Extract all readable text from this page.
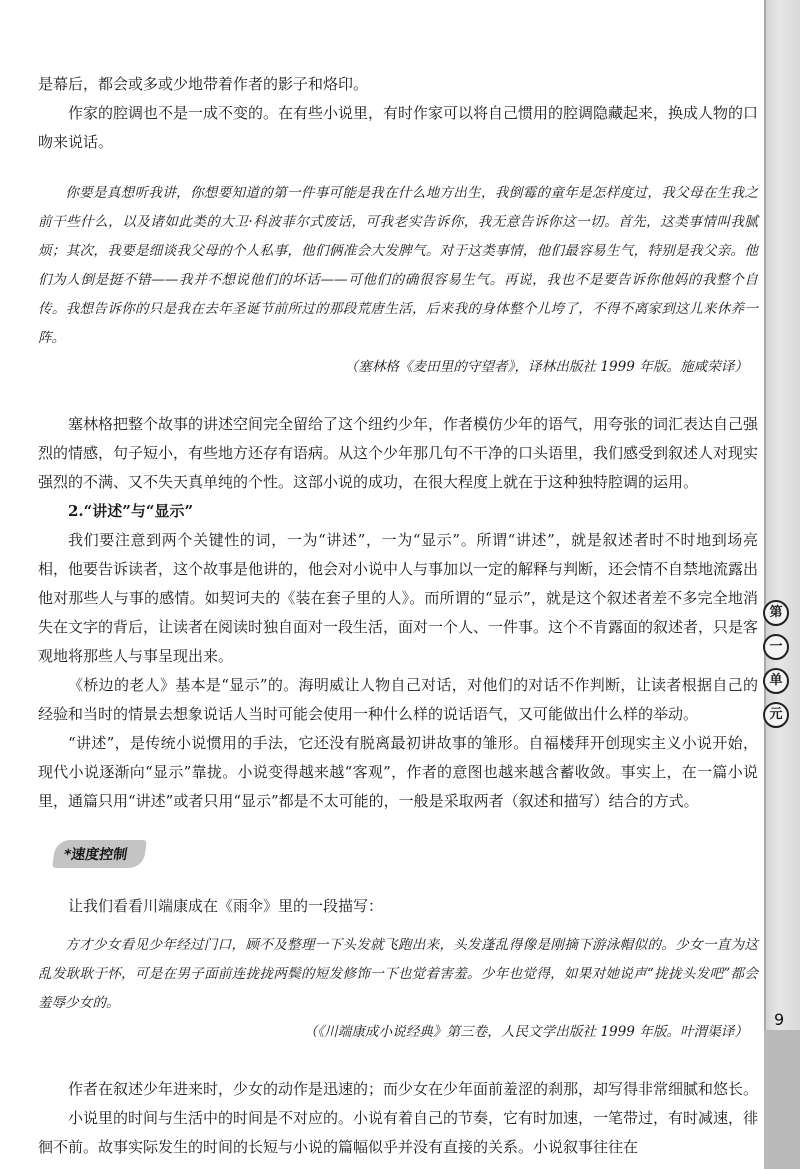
第
一
单
元
9

是幕后，都会或多或少地带着作者的影子和烙印。

作家的腔调也不是一成不变的。在有些小说里，有时作家可以将自己惯用的腔调隐藏起来，换成人物的口吻来说话。

你要是真想听我讲，你想要知道的第一件事可能是我在什么地方出生，我倒霉的童年是怎样度过，我父母在生我之前干些什么，以及诸如此类的大卫·科波菲尔式废话，可我老实告诉你，我无意告诉你这一切。首先，这类事情叫我腻烦；其次，我要是细谈我父母的个人私事，他们俩准会大发脾气。对于这类事情，他们最容易生气，特别是我父亲。他们为人倒是挺不错——我并不想说他们的坏话——可他们的确很容易生气。再说，我也不是要告诉你他妈的我整个自传。我想告诉你的只是我在去年圣诞节前所过的那段荒唐生活，后来我的身体整个儿垮了，不得不离家到这儿来休养一阵。

（塞林格《麦田里的守望者》，译林出版社 1999 年版。施咸荣译）

塞林格把整个故事的讲述空间完全留给了这个纽约少年，作者模仿少年的语气，用夸张的词汇表达自己强烈的情感，句子短小，有些地方还存有语病。从这个少年那几句不干净的口头语里，我们感受到叙述人对现实强烈的不满、又不失天真单纯的个性。这部小说的成功，在很大程度上就在于这种独特腔调的运用。

2.“讲述”与“显示”

我们要注意到两个关键性的词，一为“讲述”，一为“显示”。所谓“讲述”，就是叙述者时不时地到场亮相，他要告诉读者，这个故事是他讲的，他会对小说中人与事加以一定的解释与判断，还会情不自禁地流露出他对那些人与事的感情。如契诃夫的《装在套子里的人》。而所谓的“显示”，就是这个叙述者差不多完全地消失在文字的背后，让读者在阅读时独自面对一段生活，面对一个人、一件事。这个不肯露面的叙述者，只是客观地将那些人与事呈现出来。

《桥边的老人》基本是“显示”的。海明威让人物自己对话，对他们的对话不作判断，让读者根据自己的经验和当时的情景去想象说话人当时可能会使用一种什么样的说话语气，又可能做出什么样的举动。

“讲述”，是传统小说惯用的手法，它还没有脱离最初讲故事的雏形。自福楼拜开创现实主义小说开始，现代小说逐渐向“显示”靠拢。小说变得越来越“客观”，作者的意图也越来越含蓄收敛。事实上，在一篇小说里，通篇只用“讲述”或者只用“显示”都是不太可能的，一般是采取两者（叙述和描写）结合的方式。

*速度控制

让我们看看川端康成在《雨伞》里的一段描写：

方才少女看见少年经过门口，顾不及整理一下头发就飞跑出来，头发蓬乱得像是刚摘下游泳帽似的。少女一直为这乱发耿耿于怀，可是在男子面前连拢拢两鬓的短发修饰一下也觉着害羞。少年也觉得，如果对她说声“拢拢头发吧”都会羞辱少女的。

（《川端康成小说经典》第三卷，人民文学出版社 1999 年版。叶渭渠译）

作者在叙述少年进来时，少女的动作是迅速的；而少女在少年面前羞涩的刹那，却写得非常细腻和悠长。

小说里的时间与生活中的时间是不对应的。小说有着自己的节奏，它有时加速，一笔带过，有时减速，徘徊不前。故事实际发生的时间的长短与小说的篇幅似乎并没有直接的关系。小说叙事往往在
